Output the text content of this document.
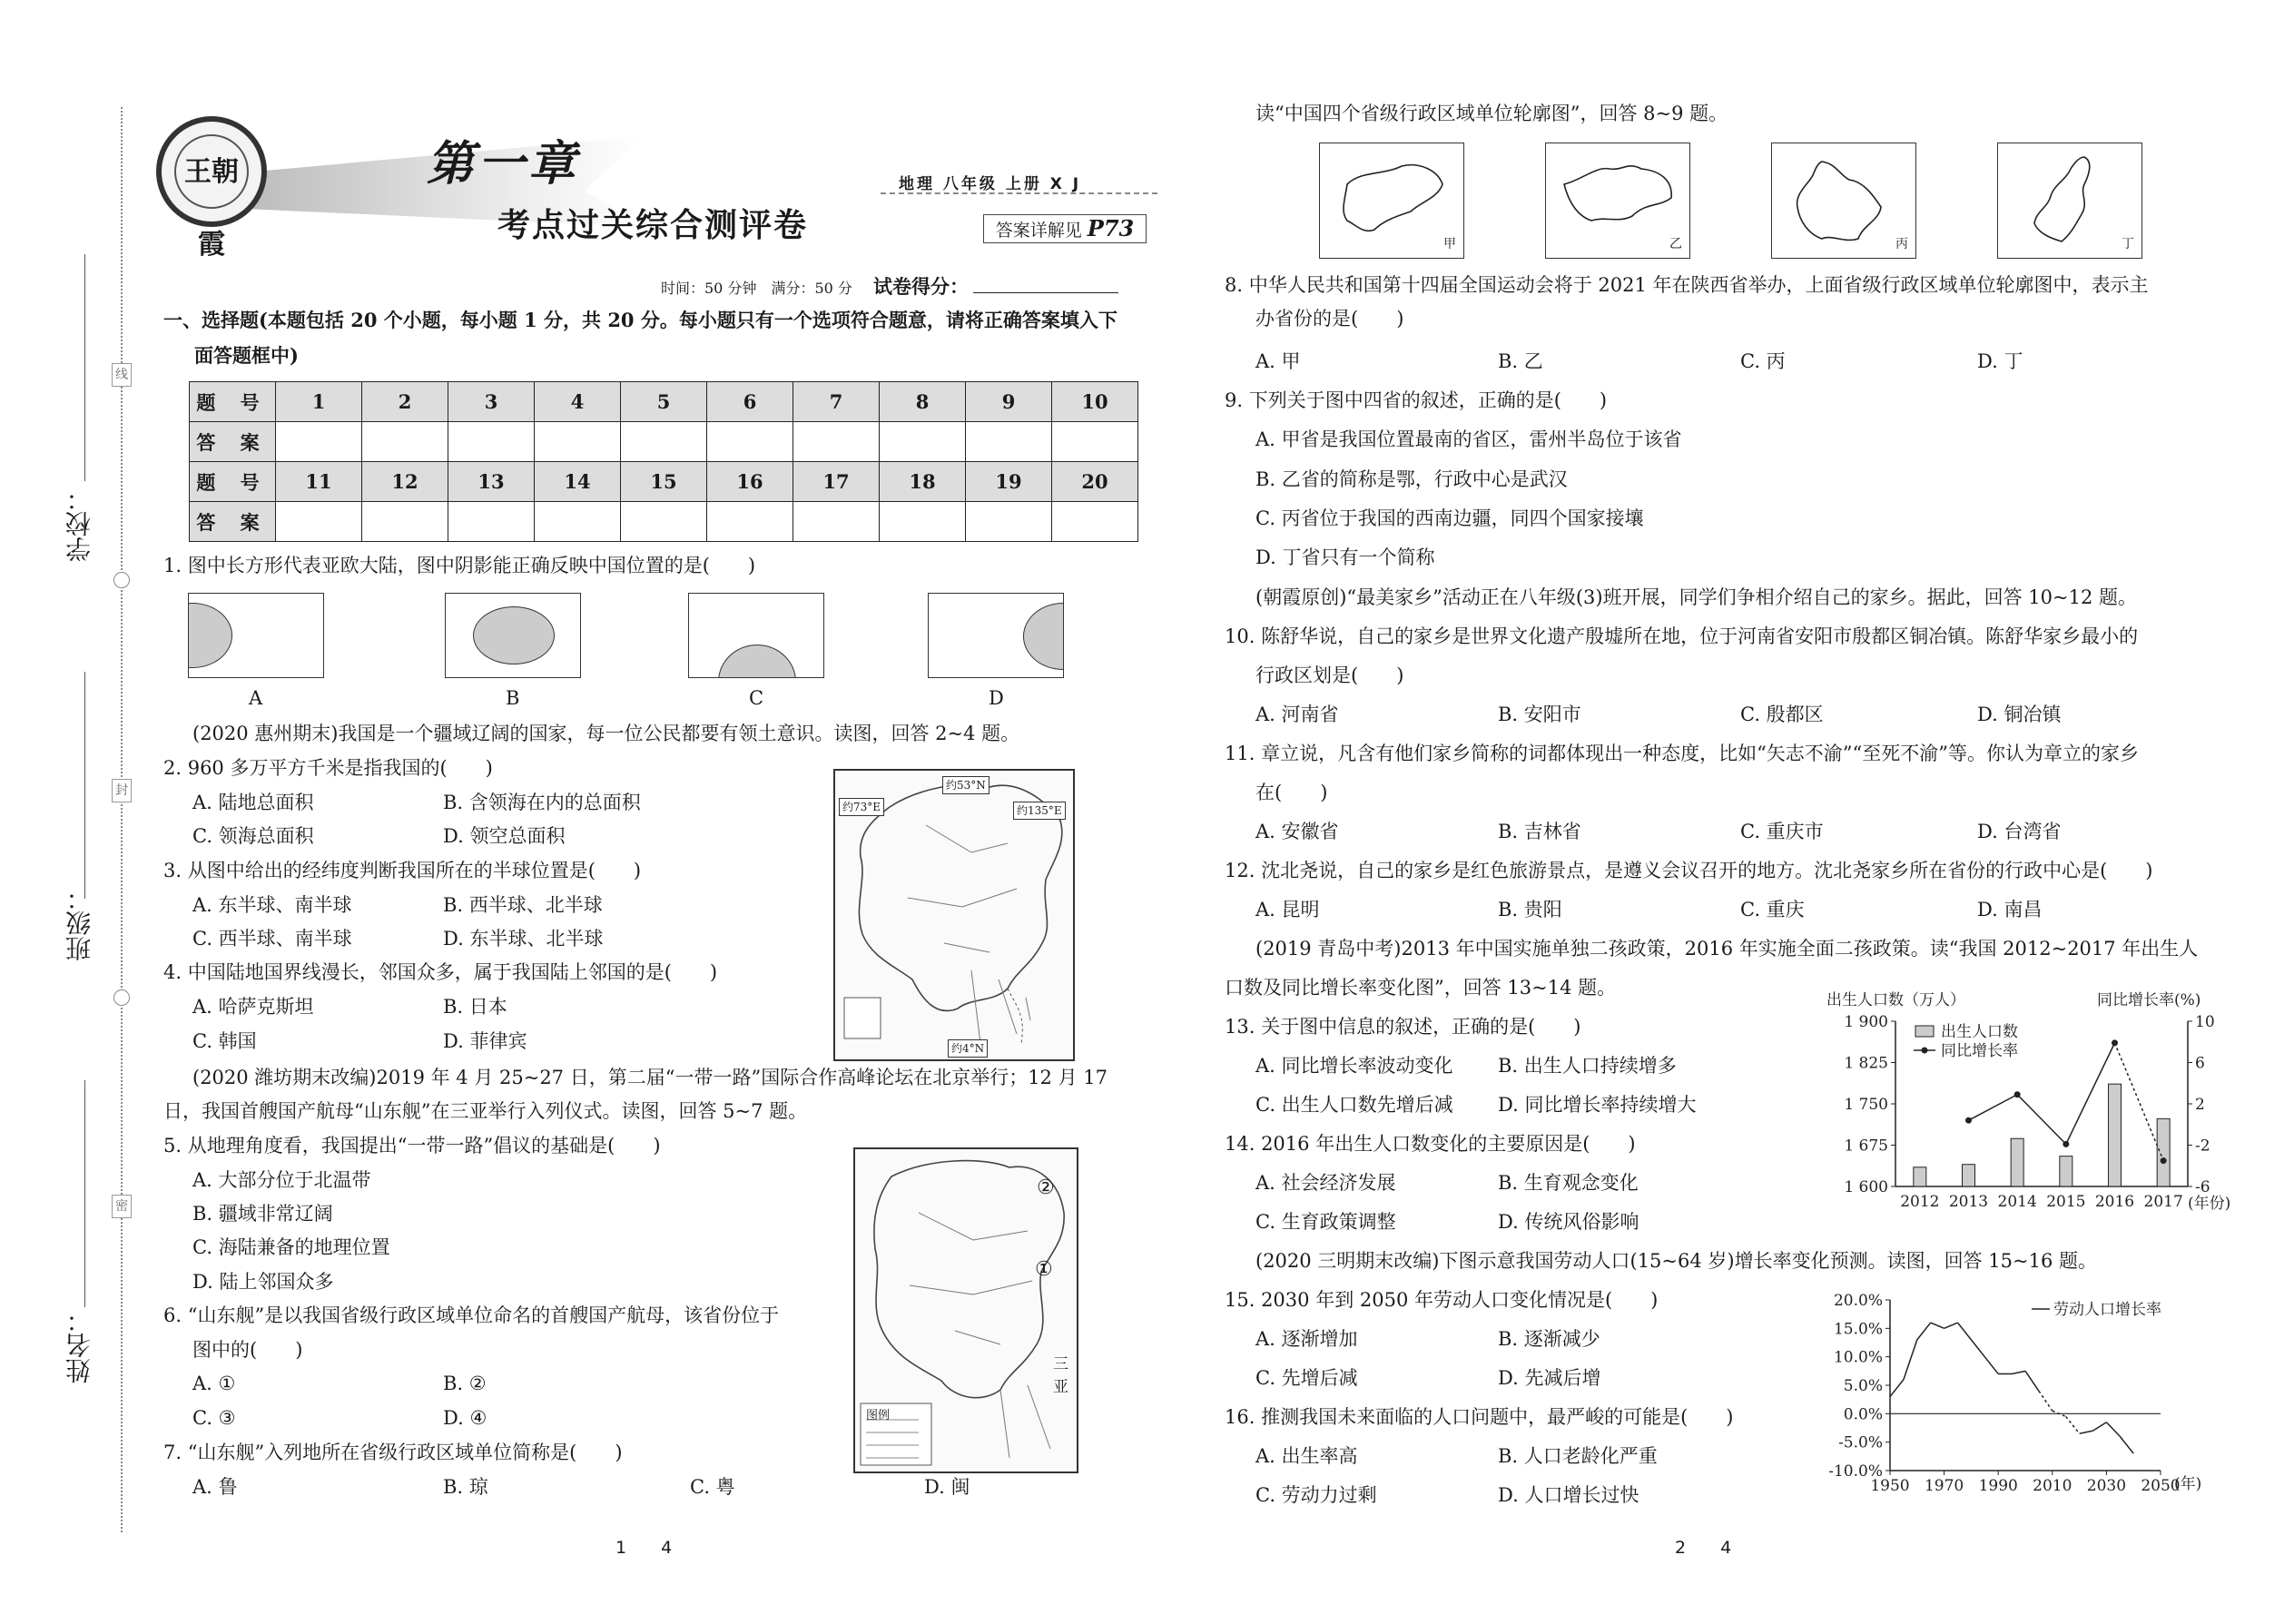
学校：
班级：
姓名：
线
封
密
王朝霞
第一章
考点过关综合测评卷
地理 八年级 上册 X J
答案详解见 P73
时间：50 分钟　满分：50 分 试卷得分：
一、选择题(本题包括 20 个小题，每小题 1 分，共 20 分。每小题只有一个选项符合题意，请将正确答案填入下
面答题框中)
题 号	1	2	3	4	5	6	7	8	9	10
答 案										
题 号	11	12	13	14	15	16	17	18	19	20
答 案										
1. 图中长方形代表亚欧大陆，图中阴影能正确反映中国位置的是(　　)
A	B	C	D
(2020 惠州期末)我国是一个疆域辽阔的国家，每一位公民都要有领土意识。读图，回答 2~4 题。
2. 960 多万平方千米是指我国的(　　)
A. 陆地总面积	B. 含领海在内的总面积
C. 领海总面积	D. 领空总面积
3. 从图中给出的经纬度判断我国所在的半球位置是(　　)
A. 东半球、南半球	B. 西半球、北半球
C. 西半球、南半球	D. 东半球、北半球
4. 中国陆地国界线漫长，邻国众多，属于我国陆上邻国的是(　　)
A. 哈萨克斯坦	B. 日本
C. 韩国	D. 菲律宾
约53°N
约73°E	约135°E
约4°N
(2020 潍坊期末改编)2019 年 4 月 25~27 日，第二届“一带一路”国际合作高峰论坛在北京举行；12 月 17
日，我国首艘国产航母“山东舰”在三亚举行入列仪式。读图，回答 5~7 题。
5. 从地理角度看，我国提出“一带一路”倡议的基础是(　　)
A. 大部分位于北温带
B. 疆域非常辽阔
C. 海陆兼备的地理位置
D. 陆上邻国众多
6. “山东舰”是以我国省级行政区域单位命名的首艘国产航母，该省份位于
图中的(　　)
A. ①	B. ②
C. ③	D. ④
②
①
三亚
图例
7. “山东舰”入列地所在省级行政区域单位简称是(　　)
A. 鲁	B. 琼	C. 粤	D. 闽
1　　4
读“中国四个省级行政区域单位轮廓图”，回答 8~9 题。
甲	乙	丙	丁
8. 中华人民共和国第十四届全国运动会将于 2021 年在陕西省举办，上面省级行政区域单位轮廓图中，表示主
办省份的是(　　)
A. 甲	B. 乙	C. 丙	D. 丁
9. 下列关于图中四省的叙述，正确的是(　　)
A. 甲省是我国位置最南的省区，雷州半岛位于该省
B. 乙省的简称是鄂，行政中心是武汉
C. 丙省位于我国的西南边疆，同四个国家接壤
D. 丁省只有一个简称
(朝霞原创)“最美家乡”活动正在八年级(3)班开展，同学们争相介绍自己的家乡。据此，回答 10~12 题。
10. 陈舒华说，自己的家乡是世界文化遗产殷墟所在地，位于河南省安阳市殷都区铜冶镇。陈舒华家乡最小的
行政区划是(　　)
A. 河南省	B. 安阳市	C. 殷都区	D. 铜冶镇
11. 章立说，凡含有他们家乡简称的词都体现出一种态度，比如“矢志不渝”“至死不渝”等。你认为章立的家乡
在(　　)
A. 安徽省	B. 吉林省	C. 重庆市	D. 台湾省
12. 沈北尧说，自己的家乡是红色旅游景点，是遵义会议召开的地方。沈北尧家乡所在省份的行政中心是(　　)
A. 昆明	B. 贵阳	C. 重庆	D. 南昌
(2019 青岛中考)2013 年中国实施单独二孩政策，2016 年实施全面二孩政策。读“我国 2012~2017 年出生人
口数及同比增长率变化图”，回答 13~14 题。
13. 关于图中信息的叙述，正确的是(　　)
A. 同比增长率波动变化 B. 出生人口持续增多
C. 出生人口数先增后减 D. 同比增长率持续增大
14. 2016 年出生人口数变化的主要原因是(　　)
A. 社会经济发展	B. 生育观念变化
C. 生育政策调整	D. 传统风俗影响
(2020 三明期末改编)下图示意我国劳动人口(15~64 岁)增长率变化预测。读图，回答 15~16 题。
15. 2030 年到 2050 年劳动人口变化情况是(　　)
A. 逐渐增加	B. 逐渐减少
C. 先增后减	D. 先减后增
16. 推测我国未来面临的人口问题中，最严峻的可能是(　　)
A. 出生率高	B. 人口老龄化严重
C. 劳动力过剩	D. 人口增长过快
2　　4
出生人口数（万人）	同比增长率(%)
1 900
1 825
1 750
1 675
1 600
10
6
2
-2
-6
2012 2013 2014 2015 2016 2017 (年份)
出生人口数
同比增长率
20.0%
15.0%
10.0%
5.0%
0.0%
-5.0%
-10.0%
1950 1970 1990 2010 2030 2050
劳动人口增长率
(年)
